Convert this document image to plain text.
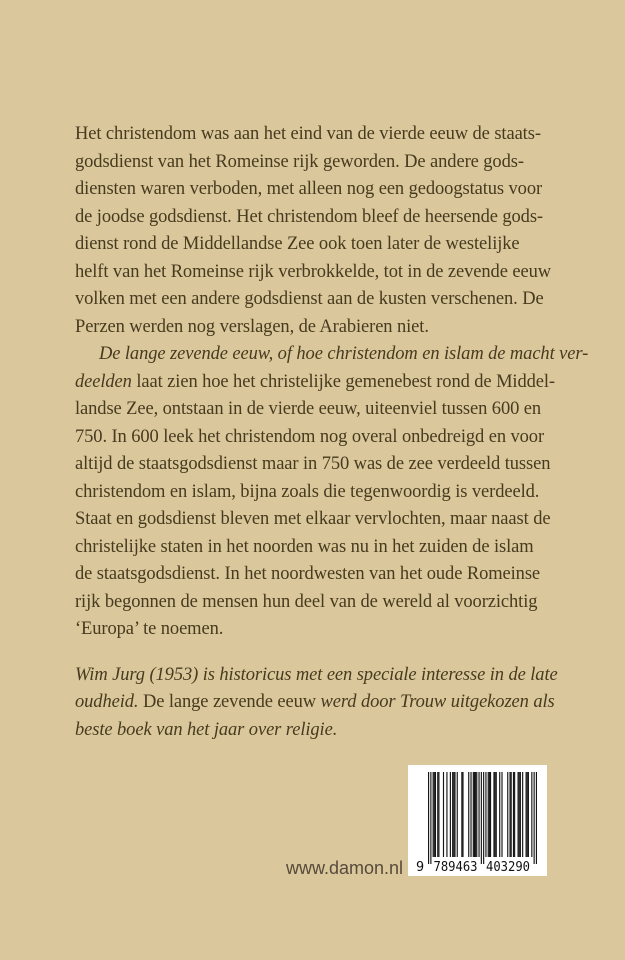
Het christendom was aan het eind van de vierde eeuw de staats-
godsdienst van het Romeinse rijk geworden. De andere gods-
diensten waren verboden, met alleen nog een gedoogstatus voor
de joodse godsdienst. Het christendom bleef de heersende gods-
dienst rond de Middellandse Zee ook toen later de westelijke
helft van het Romeinse rijk verbrokkelde, tot in de zevende eeuw
volken met een andere godsdienst aan de kusten verschenen. De
Perzen werden nog verslagen, de Arabieren niet.
De lange zevende eeuw, of hoe christendom en islam de macht ver-
deelden laat zien hoe het christelijke gemenebest rond de Middel-
landse Zee, ontstaan in de vierde eeuw, uiteenviel tussen 600 en
750. In 600 leek het christendom nog overal onbedreigd en voor
altijd de staatsgodsdienst maar in 750 was de zee verdeeld tussen
christendom en islam, bijna zoals die tegenwoordig is verdeeld.
Staat en godsdienst bleven met elkaar vervlochten, maar naast de
christelijke staten in het noorden was nu in het zuiden de islam
de staatsgodsdienst. In het noordwesten van het oude Romeinse
rijk begonnen de mensen hun deel van de wereld al voorzichtig
‘Europa’ te noemen.
Wim Jurg (1953) is historicus met een speciale interesse in de late
oudheid. De lange zevende eeuw werd door Trouw uitgekozen als
beste boek van het jaar over religie.
www.damon.nl 9 789463 403290
